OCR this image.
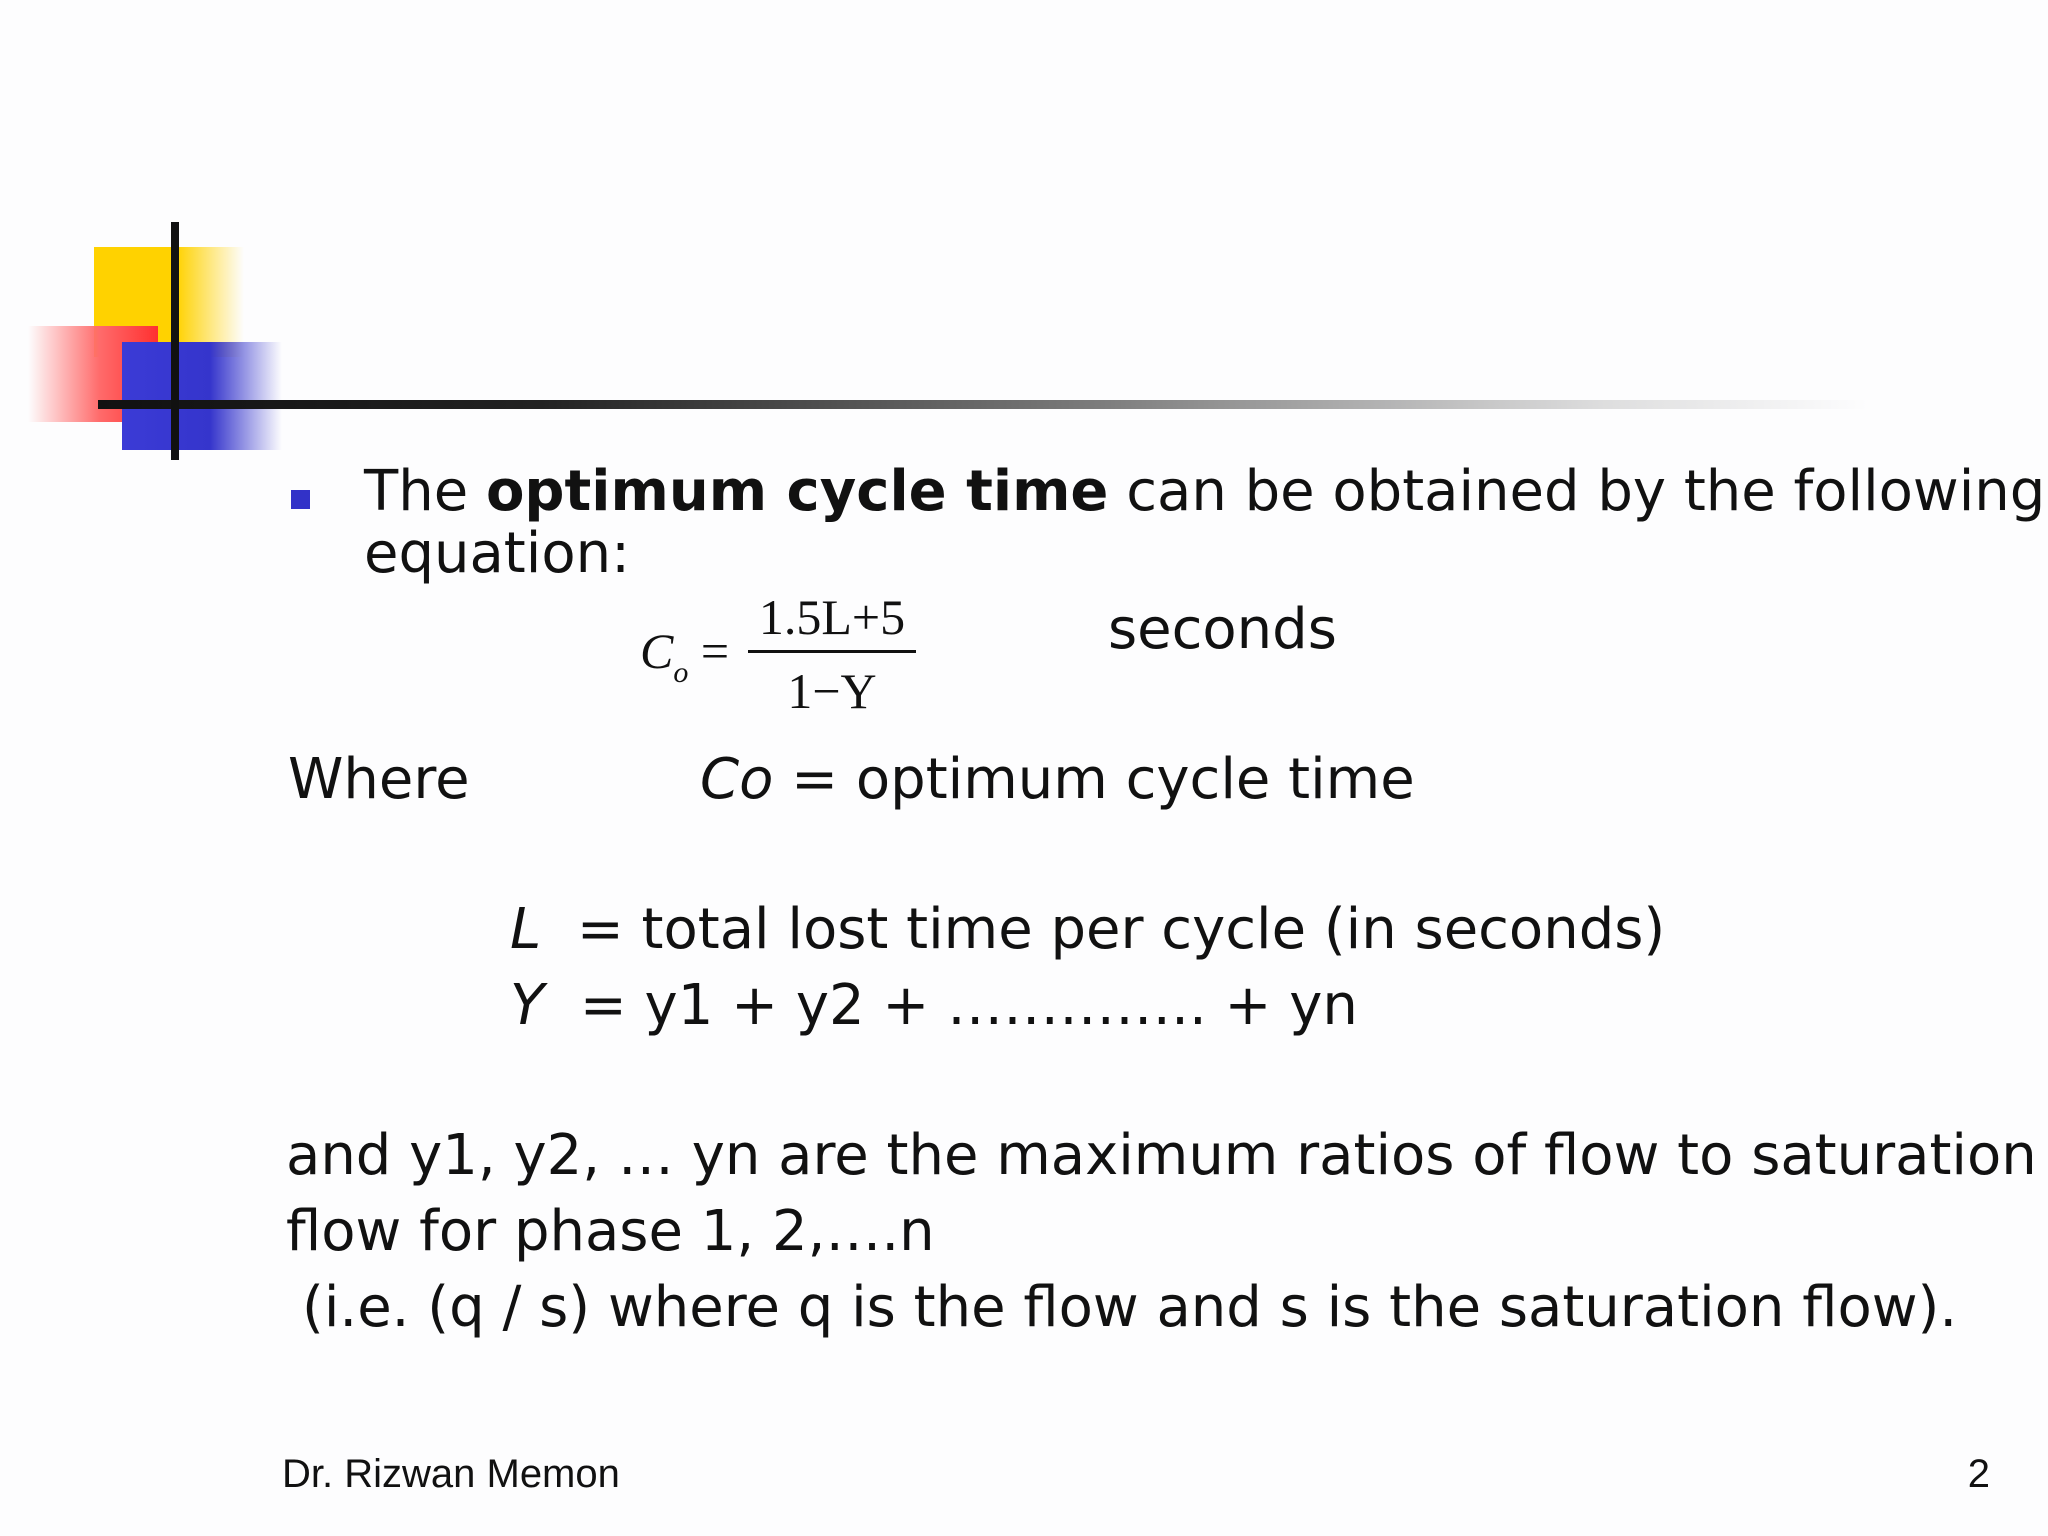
The optimum cycle time can be obtained by the following
equation:
$C_o$ =
1.5L+5
1−Y
seconds
Where	Co = optimum cycle time
L = total lost time per cycle (in seconds)
Y = y1 + y2 + ………….. + yn
and y1, y2, … yn are the maximum ratios of flow to saturation
flow for phase 1, 2,….n
(i.e. (q / s) where q is the flow and s is the saturation flow).
Dr. Rizwan Memon	2
